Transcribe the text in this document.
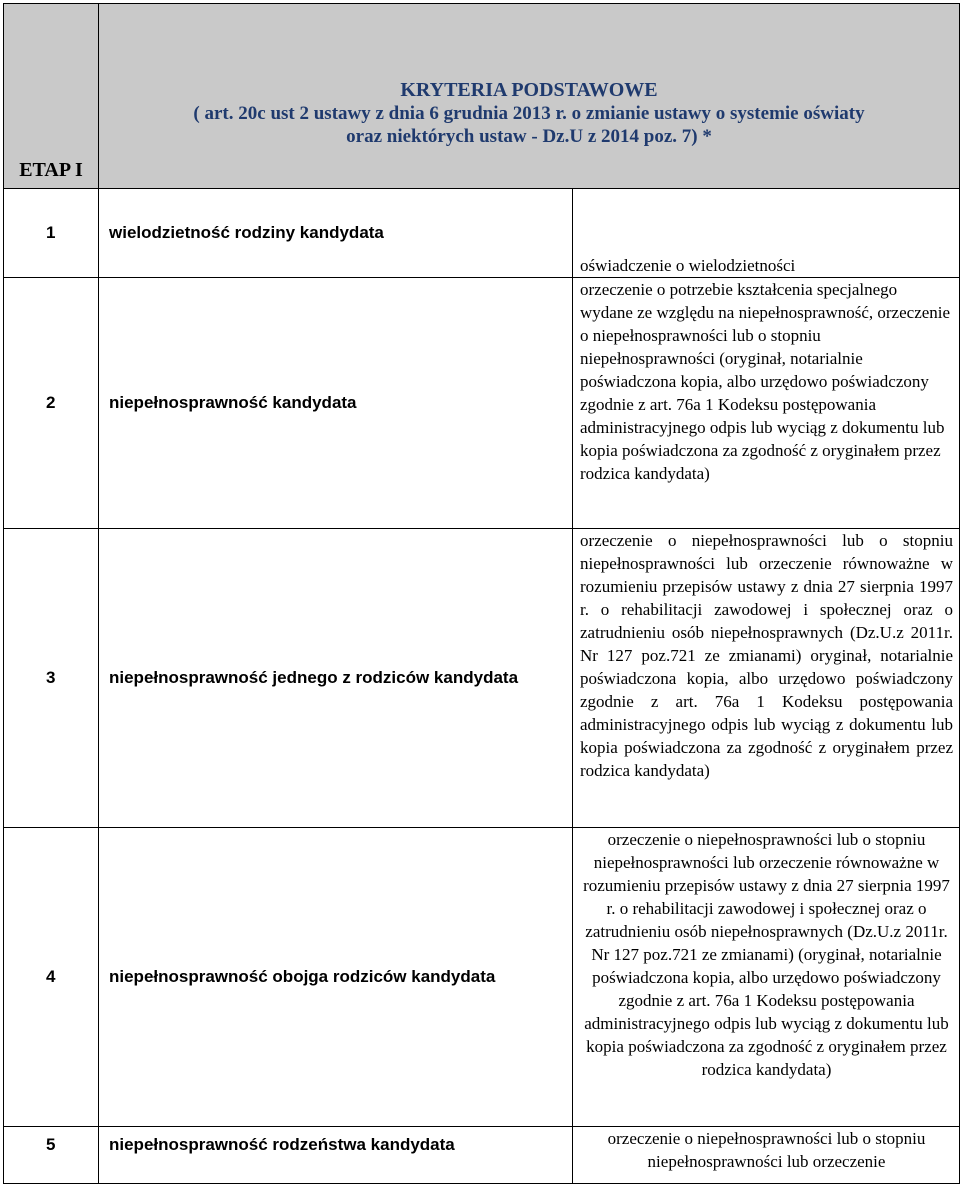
ETAP I	KRYTERIA PODSTAWOWE
( art. 20c ust 2 ustawy z dnia 6 grudnia 2013 r. o zmianie ustawy o systemie oświaty
oraz niektórych ustaw - Dz.U z 2014 poz. 7) *	

1	wielodzietność rodziny kandydata	oświadczenie o wielodzietności

2	niepełnosprawność kandydata	orzeczenie o potrzebie kształcenia specjalnego wydane ze względu na niepełnosprawność, orzeczenie o niepełnosprawności lub o stopniu niepełnosprawności (oryginał, notarialnie poświadczona kopia, albo urzędowo poświadczony zgodnie z art. 76a 1 Kodeksu postępowania administracyjnego odpis lub wyciąg z dokumentu lub kopia poświadczona za zgodność z oryginałem przez rodzica kandydata)

3	niepełnosprawność jednego z rodziców kandydata	orzeczenie o niepełnosprawności lub o stopniu niepełnosprawności lub orzeczenie równoważne w rozumieniu przepisów ustawy z dnia 27 sierpnia 1997 r. o rehabilitacji zawodowej i społecznej oraz o zatrudnieniu osób niepełnosprawnych (Dz.U.z 2011r. Nr 127 poz.721 ze zmianami) oryginał, notarialnie poświadczona kopia, albo urzędowo poświadczony zgodnie z art. 76a 1 Kodeksu postępowania administracyjnego odpis lub wyciąg z dokumentu lub kopia poświadczona za zgodność z oryginałem przez rodzica kandydata)

4	niepełnosprawność obojga rodziców kandydata	orzeczenie o niepełnosprawności lub o stopniu niepełnosprawności lub orzeczenie równoważne w rozumieniu przepisów ustawy z dnia 27 sierpnia 1997 r. o rehabilitacji zawodowej i społecznej oraz o zatrudnieniu osób niepełnosprawnych (Dz.U.z 2011r. Nr 127 poz.721 ze zmianami) (oryginał, notarialnie poświadczona kopia, albo urzędowo poświadczony zgodnie z art. 76a 1 Kodeksu postępowania administracyjnego odpis lub wyciąg z dokumentu lub kopia poświadczona za zgodność z oryginałem przez rodzica kandydata)

5	niepełnosprawność rodzeństwa kandydata	orzeczenie o niepełnosprawności lub o stopniu niepełnosprawności lub orzeczenie
